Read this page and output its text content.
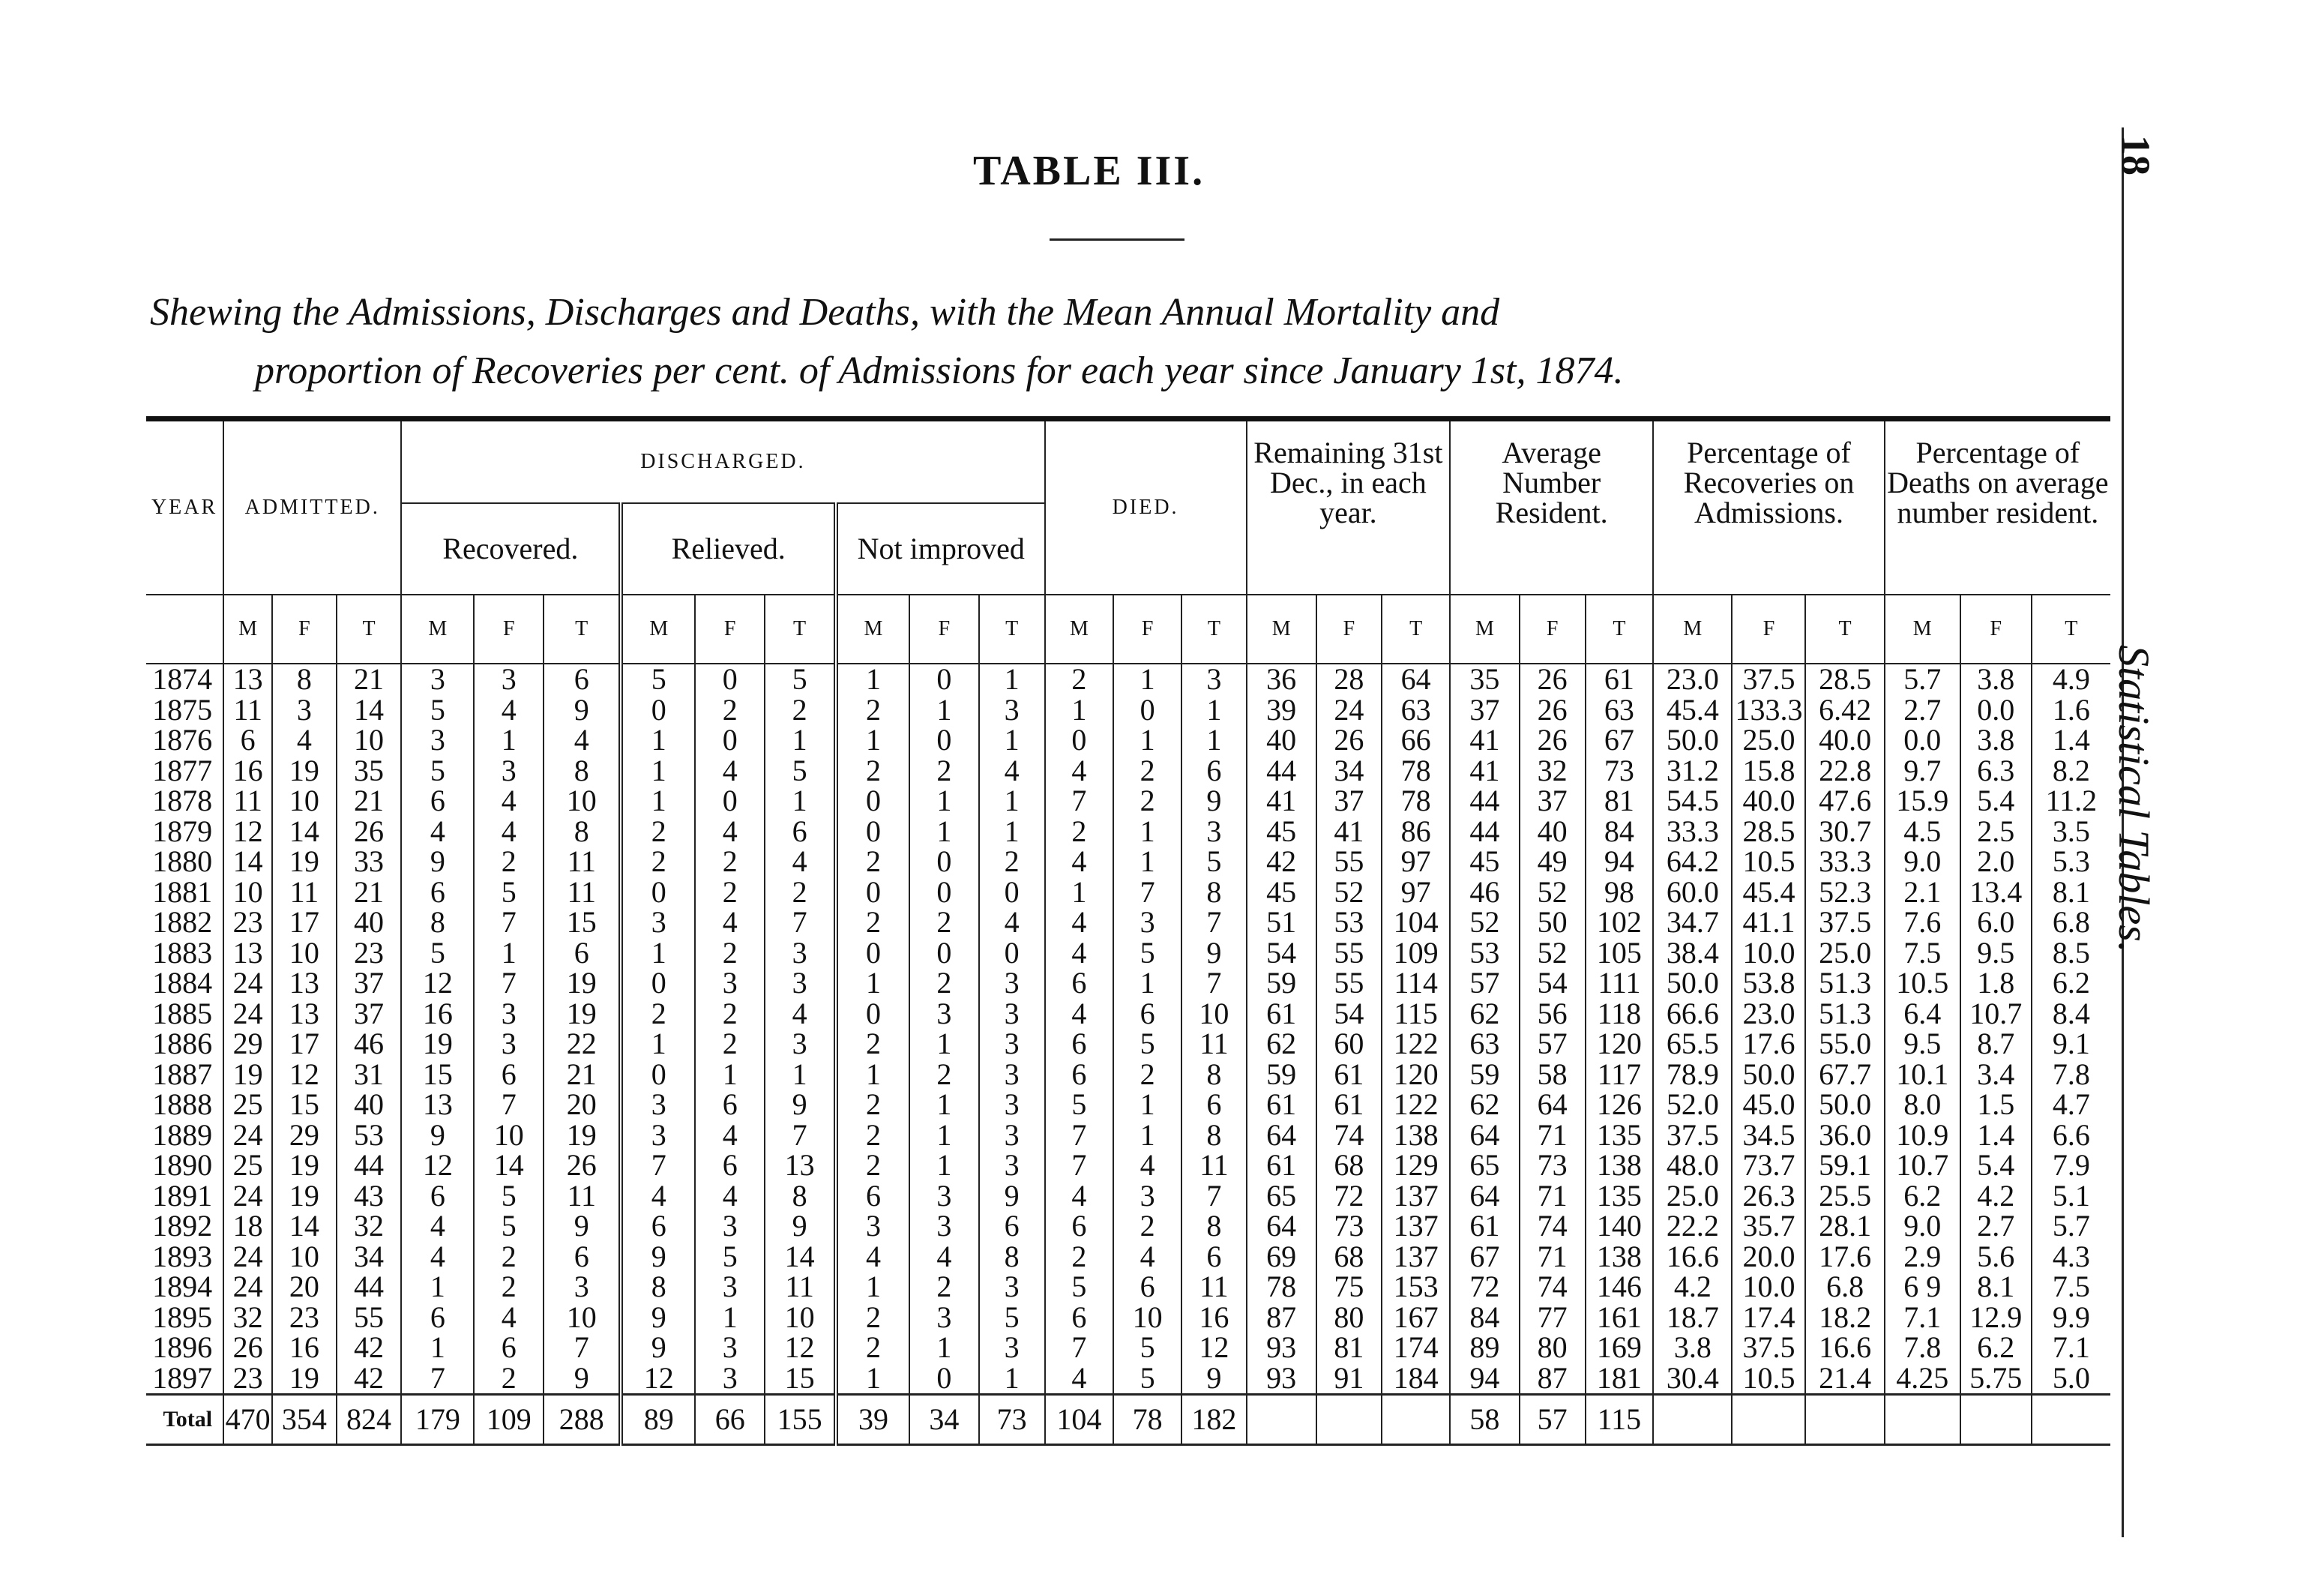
18
Statistical Tables.
TABLE III.
Shewing the Admissions, Discharges and Deaths, with the Mean Annual Mortality and
proportion of Recoveries per cent. of Admissions for each year since January 1st, 1874.
YEAR	ADMITTED.			DISCHARGED.									DIED.			Remaining 31st Dec., in each year.			Average Number Resident.			Percentage of Recoveries on Admissions.			Percentage of Deaths on average number resident.		
				Recovered.			Relieved.			Not improved																	
	M	F	T	M	F	T	M	F	T	M	F	T	M	F	T	M	F	T	M	F	T	M	F	T	M	F	T
1874	13	8	21	3	3	6	5	0	5	1	0	1	2	1	3	36	28	64	35	26	61	23.0	37.5	28.5	5.7	3.8	4.9
1875	11	3	14	5	4	9	0	2	2	2	1	3	1	0	1	39	24	63	37	26	63	45.4	133.3	6.42	2.7	0.0	1.6
1876	6	4	10	3	1	4	1	0	1	1	0	1	0	1	1	40	26	66	41	26	67	50.0	25.0	40.0	0.0	3.8	1.4
1877	16	19	35	5	3	8	1	4	5	2	2	4	4	2	6	44	34	78	41	32	73	31.2	15.8	22.8	9.7	6.3	8.2
1878	11	10	21	6	4	10	1	0	1	0	1	1	7	2	9	41	37	78	44	37	81	54.5	40.0	47.6	15.9	5.4	11.2
1879	12	14	26	4	4	8	2	4	6	0	1	1	2	1	3	45	41	86	44	40	84	33.3	28.5	30.7	4.5	2.5	3.5
1880	14	19	33	9	2	11	2	2	4	2	0	2	4	1	5	42	55	97	45	49	94	64.2	10.5	33.3	9.0	2.0	5.3
1881	10	11	21	6	5	11	0	2	2	0	0	0	1	7	8	45	52	97	46	52	98	60.0	45.4	52.3	2.1	13.4	8.1
1882	23	17	40	8	7	15	3	4	7	2	2	4	4	3	7	51	53	104	52	50	102	34.7	41.1	37.5	7.6	6.0	6.8
1883	13	10	23	5	1	6	1	2	3	0	0	0	4	5	9	54	55	109	53	52	105	38.4	10.0	25.0	7.5	9.5	8.5
1884	24	13	37	12	7	19	0	3	3	1	2	3	6	1	7	59	55	114	57	54	111	50.0	53.8	51.3	10.5	1.8	6.2
1885	24	13	37	16	3	19	2	2	4	0	3	3	4	6	10	61	54	115	62	56	118	66.6	23.0	51.3	6.4	10.7	8.4
1886	29	17	46	19	3	22	1	2	3	2	1	3	6	5	11	62	60	122	63	57	120	65.5	17.6	55.0	9.5	8.7	9.1
1887	19	12	31	15	6	21	0	1	1	1	2	3	6	2	8	59	61	120	59	58	117	78.9	50.0	67.7	10.1	3.4	7.8
1888	25	15	40	13	7	20	3	6	9	2	1	3	5	1	6	61	61	122	62	64	126	52.0	45.0	50.0	8.0	1.5	4.7
1889	24	29	53	9	10	19	3	4	7	2	1	3	7	1	8	64	74	138	64	71	135	37.5	34.5	36.0	10.9	1.4	6.6
1890	25	19	44	12	14	26	7	6	13	2	1	3	7	4	11	61	68	129	65	73	138	48.0	73.7	59.1	10.7	5.4	7.9
1891	24	19	43	6	5	11	4	4	8	6	3	9	4	3	7	65	72	137	64	71	135	25.0	26.3	25.5	6.2	4.2	5.1
1892	18	14	32	4	5	9	6	3	9	3	3	6	6	2	8	64	73	137	61	74	140	22.2	35.7	28.1	9.0	2.7	5.7
1893	24	10	34	4	2	6	9	5	14	4	4	8	2	4	6	69	68	137	67	71	138	16.6	20.0	17.6	2.9	5.6	4.3
1894	24	20	44	1	2	3	8	3	11	1	2	3	5	6	11	78	75	153	72	74	146	4.2	10.0	6.8	6 9	8.1	7.5
1895	32	23	55	6	4	10	9	1	10	2	3	5	6	10	16	87	80	167	84	77	161	18.7	17.4	18.2	7.1	12.9	9.9
1896	26	16	42	1	6	7	9	3	12	2	1	3	7	5	12	93	81	174	89	80	169	3.8	37.5	16.6	7.8	6.2	7.1
1897	23	19	42	7	2	9	12	3	15	1	0	1	4	5	9	93	91	184	94	87	181	30.4	10.5	21.4	4.25	5.75	5.0
Total	470	354	824	179	109	288	89	66	155	39	34	73	104	78	182				58	57	115						
